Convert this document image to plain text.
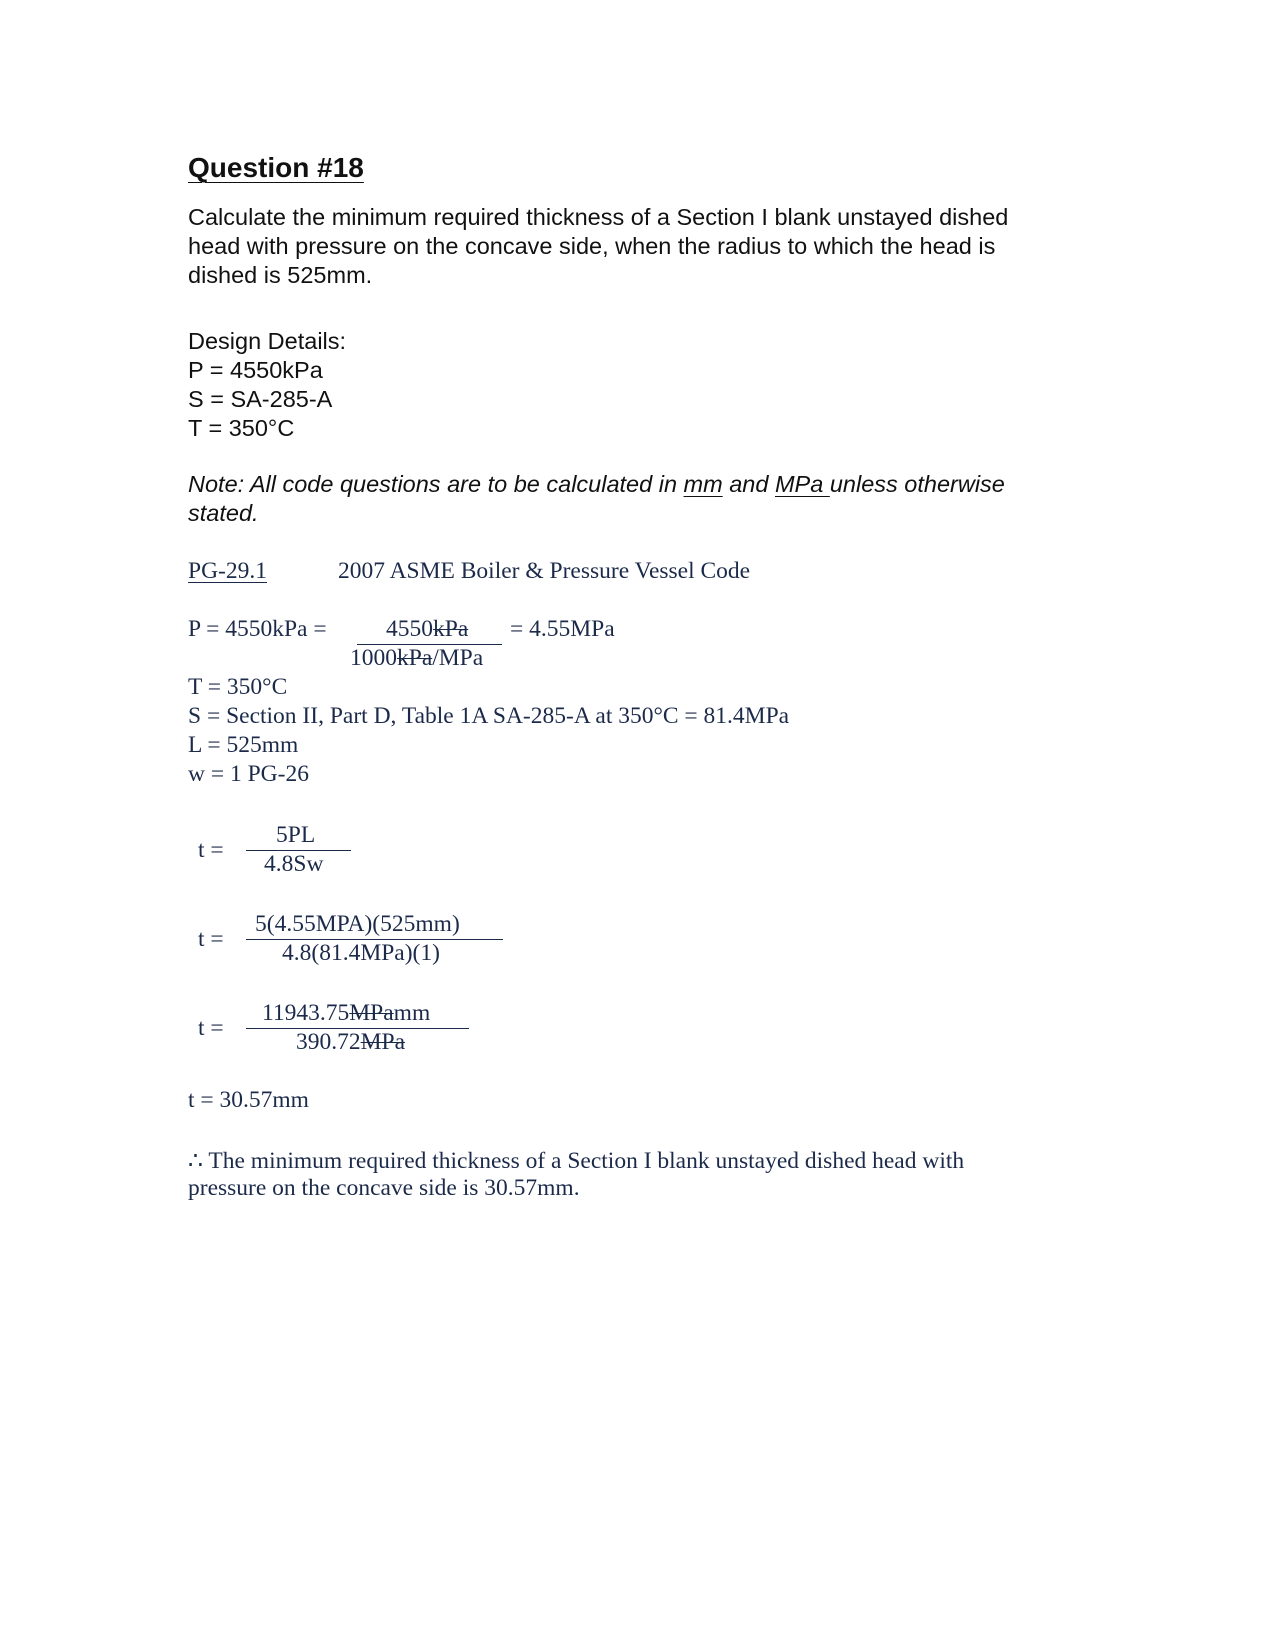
Question #18
Calculate the minimum required thickness of a Section I blank unstayed dished
head with pressure on the concave side, when the radius to which the head is
dished is 525mm.
Design Details:
P = 4550kPa
S = SA-285-A
T = 350°C
Note: All code questions are to be calculated in mm and MPa unless otherwise
stated.
PG-29.1	2007 ASME Boiler & Pressure Vessel Code
P = 4550kPa =	4550kPa = 4.55MPa
1000kPa/MPa
T = 350°C
S = Section II, Part D, Table 1A SA-285-A at 350°C = 81.4MPa
L = 525mm
w = 1 PG-26
t =
5PL
4.8Sw
t =
5(4.55MPA)(525mm)
4.8(81.4MPa)(1)
t =
11943.75MPamm
390.72MPa
t = 30.57mm
∴ The minimum required thickness of a Section I blank unstayed dished head with
pressure on the concave side is 30.57mm.
